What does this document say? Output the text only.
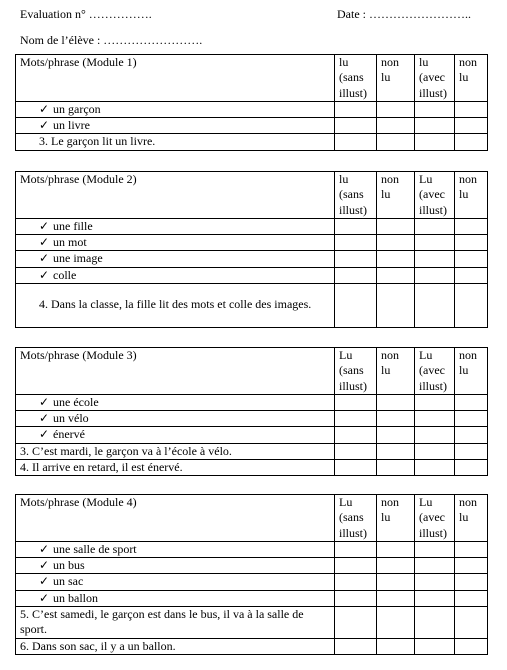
Evaluation n° …………….	Date : ……………………..
Nom de l’élève : …………………….
Mots/phrase (Module 1)	lu (sans illust)	non lu	lu (avec illust)	non lu
✓ un garçon				
✓ un livre				
3. Le garçon lit un livre.				
Mots/phrase (Module 2)	lu (sans illust)	non lu	Lu (avec illust)	non lu
✓ une fille				
✓ un mot				
✓ une image				
✓ colle				
4. Dans la classe, la fille lit des mots et colle des images.				
Mots/phrase (Module 3)	Lu (sans illust)	non lu	Lu (avec illust)	non lu
✓ une école				
✓ un vélo				
✓ énervé				
3. C’est mardi, le garçon va à l’école à vélo.				
4. Il arrive en retard, il est énervé.				
Mots/phrase (Module 4)	Lu (sans illust)	non lu	Lu (avec illust)	non lu
✓ une salle de sport				
✓ un bus				
✓ un sac				
✓ un ballon				
5. C’est samedi, le garçon est dans le bus, il va à la salle de sport.				
6. Dans son sac, il y a un ballon.				
